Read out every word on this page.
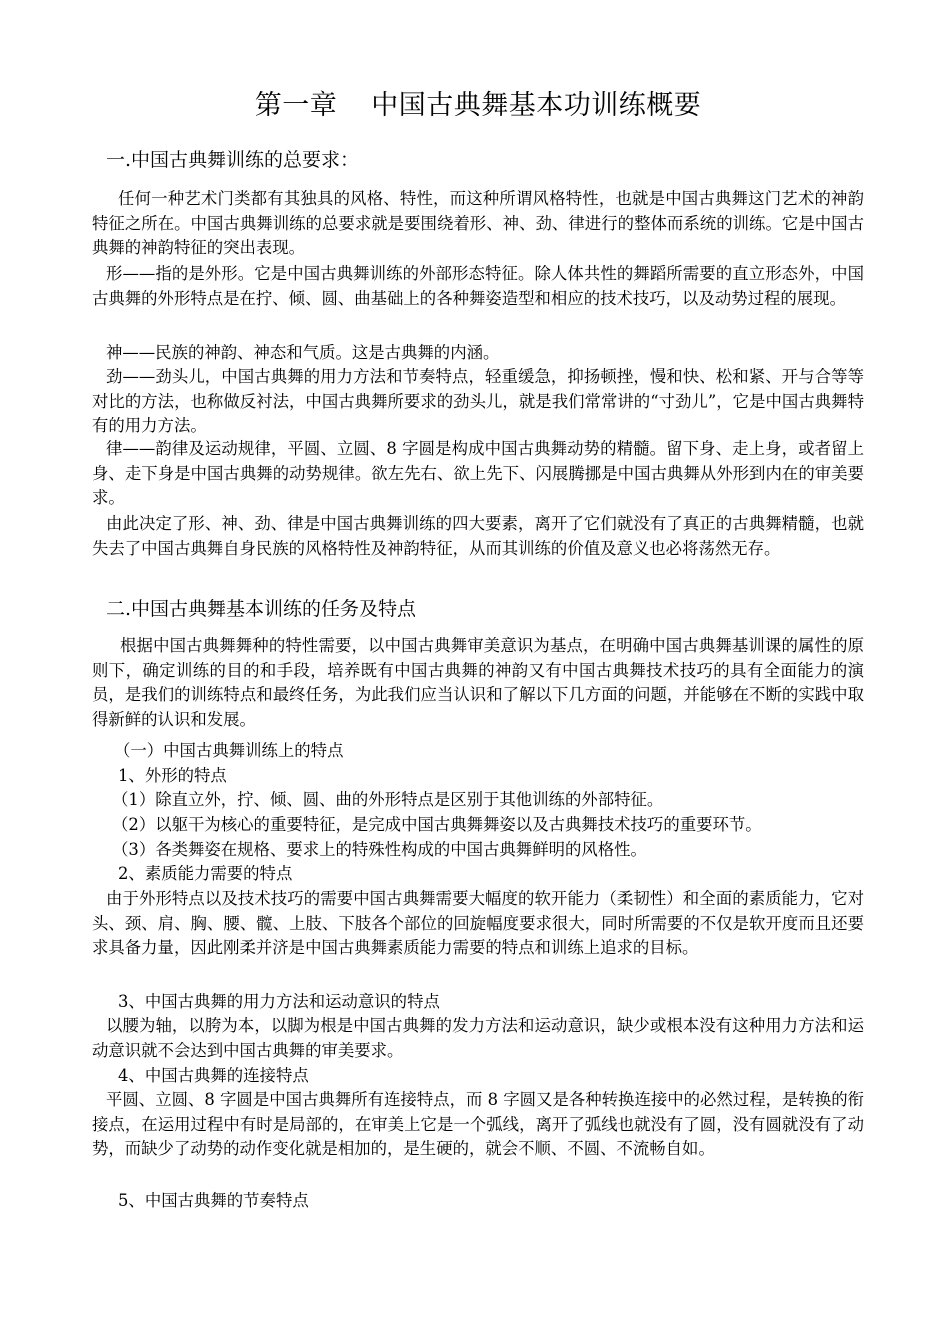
第一章 中国古典舞基本功训练概要
一.中国古典舞训练的总要求：
任何一种艺术门类都有其独具的风格、特性，而这种所谓风格特性，也就是中国古典舞这门艺术的神韵特征之所在。中国古典舞训练的总要求就是要围绕着形、神、劲、律进行的整体而系统的训练。它是中国古典舞的神韵特征的突出表现。
形——指的是外形。它是中国古典舞训练的外部形态特征。除人体共性的舞蹈所需要的直立形态外，中国古典舞的外形特点是在拧、倾、圆、曲基础上的各种舞姿造型和相应的技术技巧，以及动势过程的展现。
神——民族的神韵、神态和气质。这是古典舞的内涵。
劲——劲头儿，中国古典舞的用力方法和节奏特点，轻重缓急，抑扬顿挫，慢和快、松和紧、开与合等等对比的方法，也称做反衬法，中国古典舞所要求的劲头儿，就是我们常常讲的“寸劲儿”，它是中国古典舞特有的用力方法。
律——韵律及运动规律，平圆、立圆、8 字圆是构成中国古典舞动势的精髓。留下身、走上身，或者留上身、走下身是中国古典舞的动势规律。欲左先右、欲上先下、闪展腾挪是中国古典舞从外形到内在的审美要求。
由此决定了形、神、劲、律是中国古典舞训练的四大要素，离开了它们就没有了真正的古典舞精髓，也就失去了中国古典舞自身民族的风格特性及神韵特征，从而其训练的价值及意义也必将荡然无存。
二.中国古典舞基本训练的任务及特点
根据中国古典舞舞种的特性需要，以中国古典舞审美意识为基点，在明确中国古典舞基训课的属性的原则下，确定训练的目的和手段，培养既有中国古典舞的神韵又有中国古典舞技术技巧的具有全面能力的演员，是我们的训练特点和最终任务，为此我们应当认识和了解以下几方面的问题，并能够在不断的实践中取得新鲜的认识和发展。
（一）中国古典舞训练上的特点
1、外形的特点
（1）除直立外，拧、倾、圆、曲的外形特点是区别于其他训练的外部特征。
（2）以躯干为核心的重要特征，是完成中国古典舞舞姿以及古典舞技术技巧的重要环节。
（3）各类舞姿在规格、要求上的特殊性构成的中国古典舞鲜明的风格性。
2、素质能力需要的特点
由于外形特点以及技术技巧的需要中国古典舞需要大幅度的软开能力（柔韧性）和全面的素质能力，它对头、颈、肩、胸、腰、髋、上肢、下肢各个部位的回旋幅度要求很大，同时所需要的不仅是软开度而且还要求具备力量，因此刚柔并济是中国古典舞素质能力需要的特点和训练上追求的目标。
3、中国古典舞的用力方法和运动意识的特点
以腰为轴，以胯为本，以脚为根是中国古典舞的发力方法和运动意识，缺少或根本没有这种用力方法和运动意识就不会达到中国古典舞的审美要求。
4、中国古典舞的连接特点
平圆、立圆、8 字圆是中国古典舞所有连接特点，而 8 字圆又是各种转换连接中的必然过程，是转换的衔接点，在运用过程中有时是局部的，在审美上它是一个弧线，离开了弧线也就没有了圆，没有圆就没有了动势，而缺少了动势的动作变化就是相加的，是生硬的，就会不顺、不圆、不流畅自如。
5、中国古典舞的节奏特点
